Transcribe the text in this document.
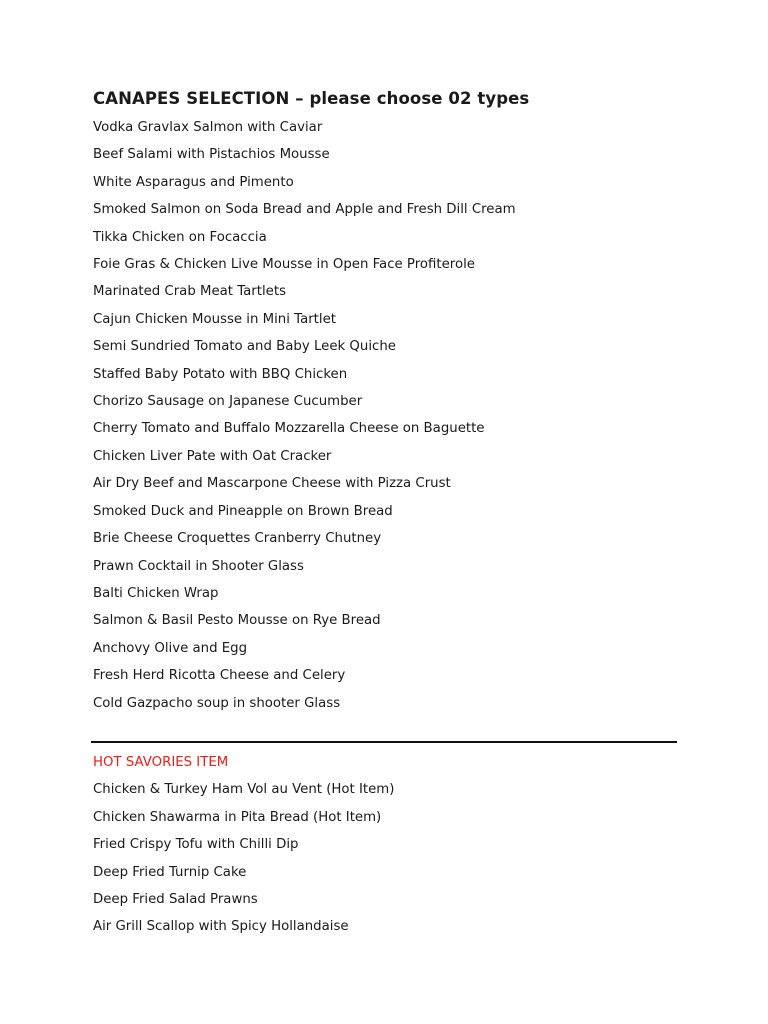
CANAPES SELECTION – please choose 02 types
Vodka Gravlax Salmon with Caviar
Beef Salami with Pistachios Mousse
White Asparagus and Pimento
Smoked Salmon on Soda Bread and Apple and Fresh Dill Cream
Tikka Chicken on Focaccia
Foie Gras & Chicken Live Mousse in Open Face Profiterole
Marinated Crab Meat Tartlets
Cajun Chicken Mousse in Mini Tartlet
Semi Sundried Tomato and Baby Leek Quiche
Staffed Baby Potato with BBQ Chicken
Chorizo Sausage on Japanese Cucumber
Cherry Tomato and Buffalo Mozzarella Cheese on Baguette
Chicken Liver Pate with Oat Cracker
Air Dry Beef and Mascarpone Cheese with Pizza Crust
Smoked Duck and Pineapple on Brown Bread
Brie Cheese Croquettes Cranberry Chutney
Prawn Cocktail in Shooter Glass
Balti Chicken Wrap
Salmon & Basil Pesto Mousse on Rye Bread
Anchovy Olive and Egg
Fresh Herd Ricotta Cheese and Celery
Cold Gazpacho soup in shooter Glass
HOT SAVORIES ITEM
Chicken & Turkey Ham Vol au Vent (Hot Item)
Chicken Shawarma in Pita Bread (Hot Item)
Fried Crispy Tofu with Chilli Dip
Deep Fried Turnip Cake
Deep Fried Salad Prawns
Air Grill Scallop with Spicy Hollandaise
